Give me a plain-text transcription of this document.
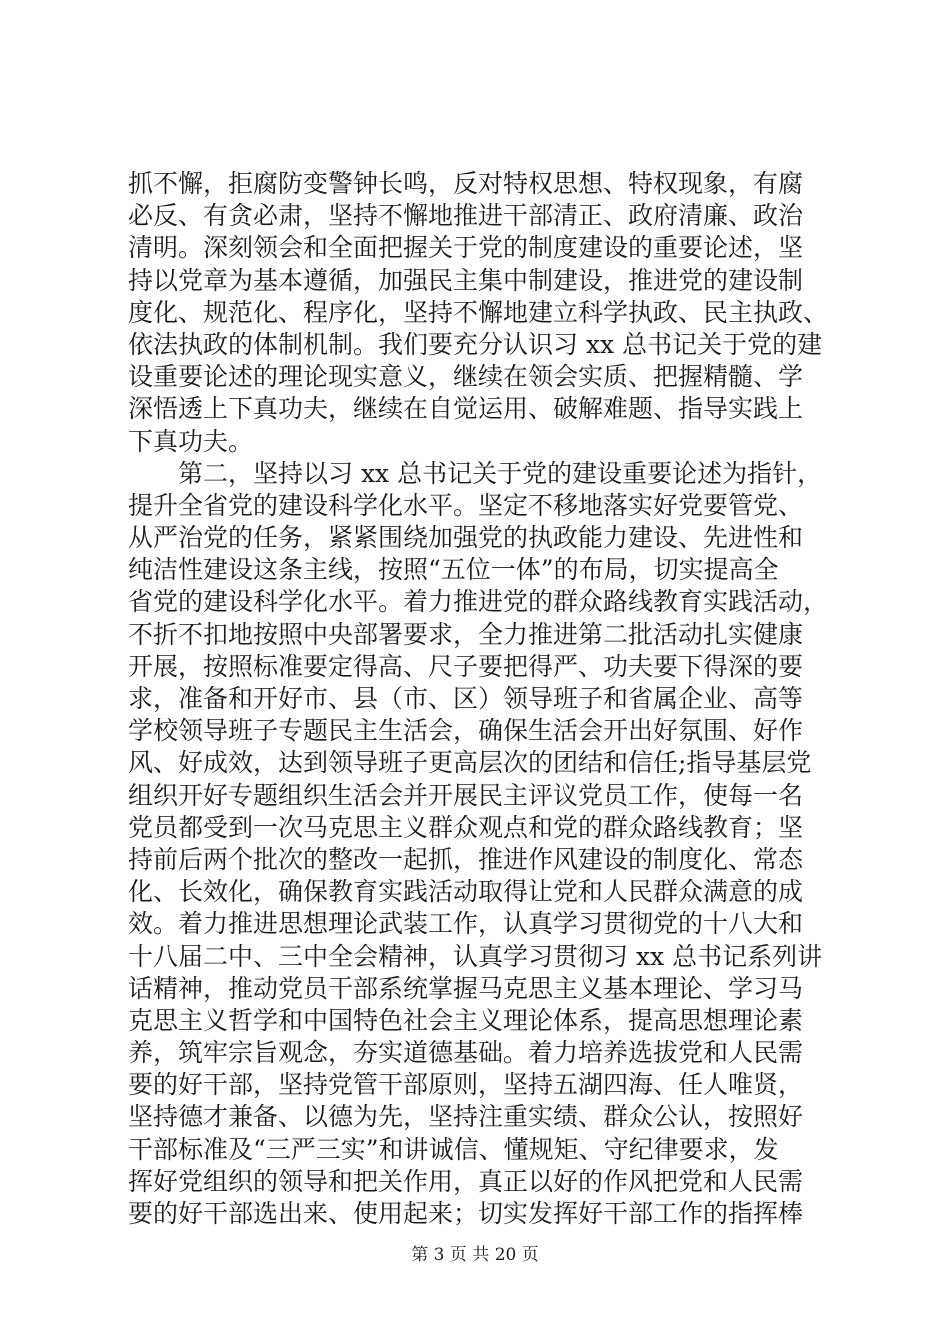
抓不懈，拒腐防变警钟长鸣，反对特权思想、特权现象，有腐
必反、有贪必肃，坚持不懈地推进干部清正、政府清廉、政治
清明。深刻领会和全面把握关于党的制度建设的重要论述，坚
持以党章为基本遵循，加强民主集中制建设，推进党的建设制
度化、规范化、程序化，坚持不懈地建立科学执政、民主执政、
依法执政的体制机制。我们要充分认识习 xx 总书记关于党的建
设重要论述的理论现实意义，继续在领会实质、把握精髓、学
深悟透上下真功夫，继续在自觉运用、破解难题、指导实践上
下真功夫。
第二，坚持以习 xx 总书记关于党的建设重要论述为指针，
提升全省党的建设科学化水平。坚定不移地落实好党要管党、
从严治党的任务，紧紧围绕加强党的执政能力建设、先进性和
纯洁性建设这条主线，按照“五位一体”的布局，切实提高全
省党的建设科学化水平。着力推进党的群众路线教育实践活动，
不折不扣地按照中央部署要求，全力推进第二批活动扎实健康
开展，按照标准要定得高、尺子要把得严、功夫要下得深的要
求，准备和开好市、县（市、区）领导班子和省属企业、高等
学校领导班子专题民主生活会，确保生活会开出好氛围、好作
风、好成效，达到领导班子更高层次的团结和信任;指导基层党
组织开好专题组织生活会并开展民主评议党员工作，使每一名
党员都受到一次马克思主义群众观点和党的群众路线教育；坚
持前后两个批次的整改一起抓，推进作风建设的制度化、常态
化、长效化，确保教育实践活动取得让党和人民群众满意的成
效。着力推进思想理论武装工作，认真学习贯彻党的十八大和
十八届二中、三中全会精神，认真学习贯彻习 xx 总书记系列讲
话精神，推动党员干部系统掌握马克思主义基本理论、学习马
克思主义哲学和中国特色社会主义理论体系，提高思想理论素
养，筑牢宗旨观念，夯实道德基础。着力培养选拔党和人民需
要的好干部，坚持党管干部原则，坚持五湖四海、任人唯贤，
坚持德才兼备、以德为先，坚持注重实绩、群众公认，按照好
干部标准及“三严三实”和讲诚信、懂规矩、守纪律要求，发
挥好党组织的领导和把关作用，真正以好的作风把党和人民需
要的好干部选出来、使用起来；切实发挥好干部工作的指挥棒
第 3 页 共 20 页
